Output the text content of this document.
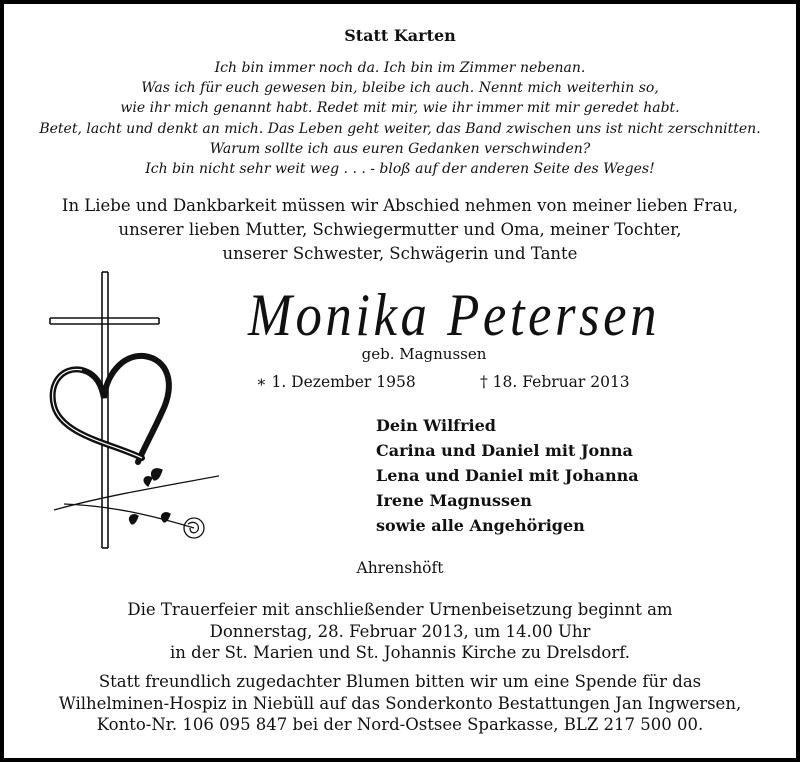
Statt Karten
Ich bin immer noch da. Ich bin im Zimmer nebenan.
Was ich für euch gewesen bin, bleibe ich auch. Nennt mich weiterhin so,
wie ihr mich genannt habt. Redet mit mir, wie ihr immer mit mir geredet habt.
Betet, lacht und denkt an mich. Das Leben geht weiter, das Band zwischen uns ist nicht zerschnitten.
Warum sollte ich aus euren Gedanken verschwinden?
Ich bin nicht sehr weit weg . . . - bloß auf der anderen Seite des Weges!
In Liebe und Dankbarkeit müssen wir Abschied nehmen von meiner lieben Frau,
unserer lieben Mutter, Schwiegermutter und Oma, meiner Tochter,
unserer Schwester, Schwägerin und Tante
Monika Petersen
geb. Magnussen
∗ 1. Dezember 1958	† 18. Februar 2013
Dein Wilfried
Carina und Daniel mit Jonna
Lena und Daniel mit Johanna
Irene Magnussen
sowie alle Angehörigen
Ahrenshöft
Die Trauerfeier mit anschließender Urnenbeisetzung beginnt am
Donnerstag, 28. Februar 2013, um 14.00 Uhr
in der St. Marien und St. Johannis Kirche zu Drelsdorf.
Statt freundlich zugedachter Blumen bitten wir um eine Spende für das
Wilhelminen-Hospiz in Niebüll auf das Sonderkonto Bestattungen Jan Ingwersen,
Konto-Nr. 106 095 847 bei der Nord-Ostsee Sparkasse, BLZ 217 500 00.
